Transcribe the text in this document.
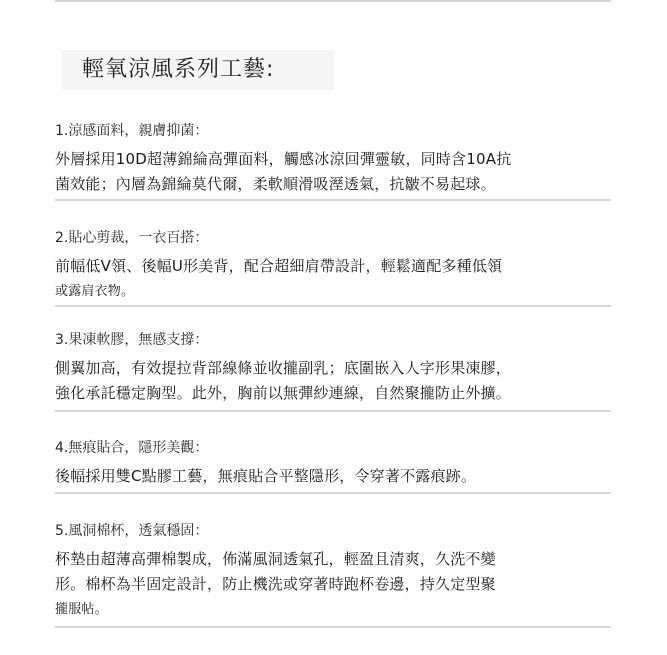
輕氧涼風系列工藝:
1.涼感面料，親膚抑菌：
外層採用10D超薄錦綸高彈面料，觸感冰涼回彈靈敏，同時含10A抗
菌效能；內層為錦綸莫代爾，柔軟順滑吸溼透氣，抗皺不易起球。
2.貼心剪裁，一衣百搭：
前幅低V領、後幅U形美背，配合超細肩帶設計，輕鬆適配多種低領
或露肩衣物。
3.果凍軟膠，無感支撐：
側翼加高，有效提拉背部線條並收攏副乳；底圍嵌入人字形果凍膠，
強化承託穩定胸型。此外，胸前以無彈紗連線，自然聚攏防止外擴。
4.無痕貼合，隱形美觀：
後幅採用雙C點膠工藝，無痕貼合平整隱形，令穿著不露痕跡。
5.風洞棉杯，透氣穩固：
杯墊由超薄高彈棉製成，佈滿風洞透氣孔，輕盈且清爽，久洗不變
形。棉杯為半固定設計，防止機洗或穿著時跑杯卷邊，持久定型聚
攏服帖。
